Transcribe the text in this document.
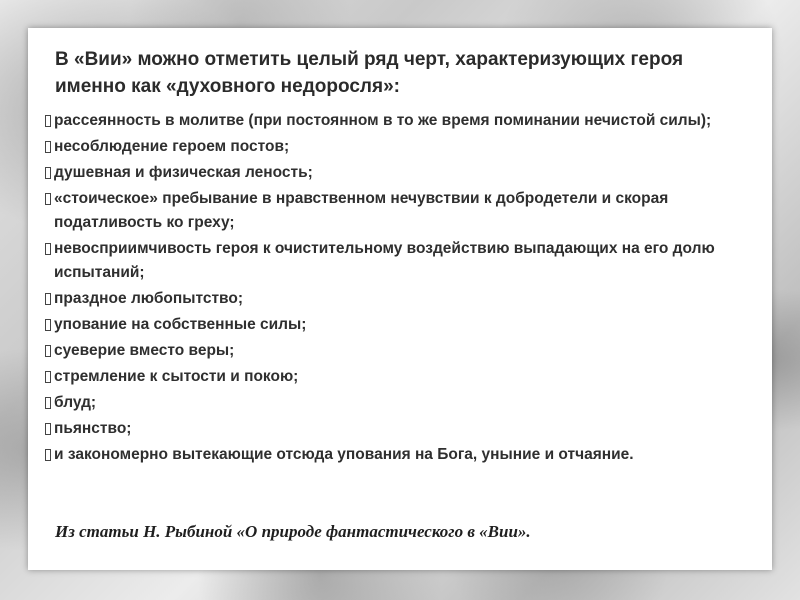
В «Вии» можно отметить целый ряд черт, характеризующих героя именно как «духовного недоросля»:
рассеянность в молитве (при постоянном в то же время поминании нечистой силы);
несоблюдение героем постов;
душевная и физическая леность;
«стоическое» пребывание в нравственном нечувствии к добродетели и скорая податливость ко греху;
невосприимчивость героя к очистительному воздействию выпадающих на его долю испытаний;
праздное любопытство;
упование на собственные силы;
суеверие вместо веры;
стремление к сытости и покою;
блуд;
пьянство;
и закономерно вытекающие отсюда упования на Бога, уныние и отчаяние.
Из статьи Н. Рыбиной «О природе фантастического в «Вии».
